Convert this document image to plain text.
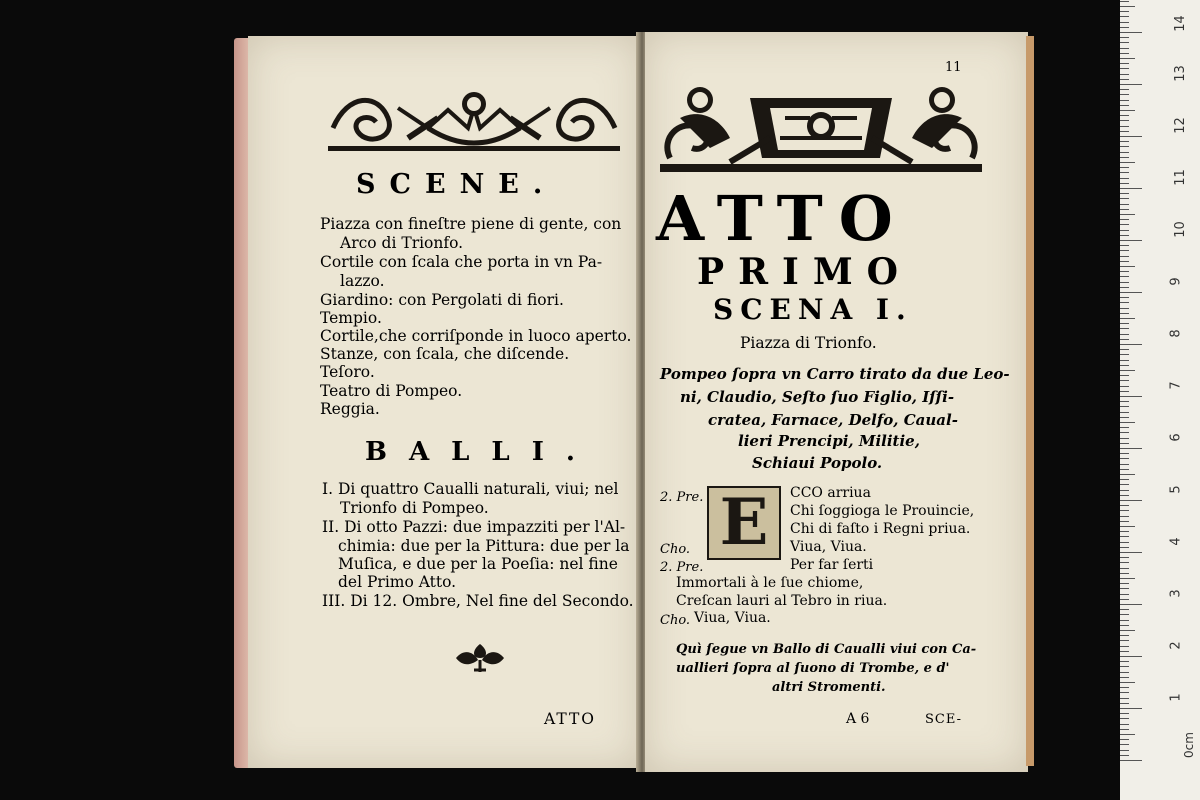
SCENE.
Piazza con fineſtre piene di gente, con
Arco di Trionfo.
Cortile con ſcala che porta in vn Pa-
lazzo.
Giardino: con Pergolati di fiori.
Tempio.
Cortile,che corriſponde in luoco aperto.
Stanze, con ſcala, che diſcende.
Teſoro.
Teatro di Pompeo.
Reggia.
BALLI.
I. Di quattro Caualli naturali, viui; nel
Trionfo di Pompeo.
II. Di otto Pazzi: due impazziti per l'Al-
chimia: due per la Pittura: due per la
Muſica, e due per la Poeſia: nel fine
del Primo Atto.
III. Di 12. Ombre, Nel fine del Secondo.
ATTO
11
ATTO
PRIMO
SCENA I.
Piazza di Trionfo.
Pompeo ſopra vn Carro tirato da due Leo-
ni, Claudio, Seſto ſuo Figlio, Iſſi-
cratea, Farnace, Delfo, Caual-
lieri Prencipi, Militie,
Schiaui Popolo.
E
2. Pre.	CCO arriua
Chi ſoggioga le Prouincie,
Chi di faſto i Regni priua.
Cho.	Viua, Viua.
2. Pre.	Per far ſerti
Immortali à le ſue chiome,
Creſcan lauri al Tebro in riua.
Cho. Viua, Viua.
Quì ſegue vn Ballo di Caualli viui con Ca-
uallieri ſopra al ſuono di Trombe, e d'
altri Stromenti.
A 6	SCE-
0cm
1
2
3
4
5
6
7
8
9
10
11
12
13
14
